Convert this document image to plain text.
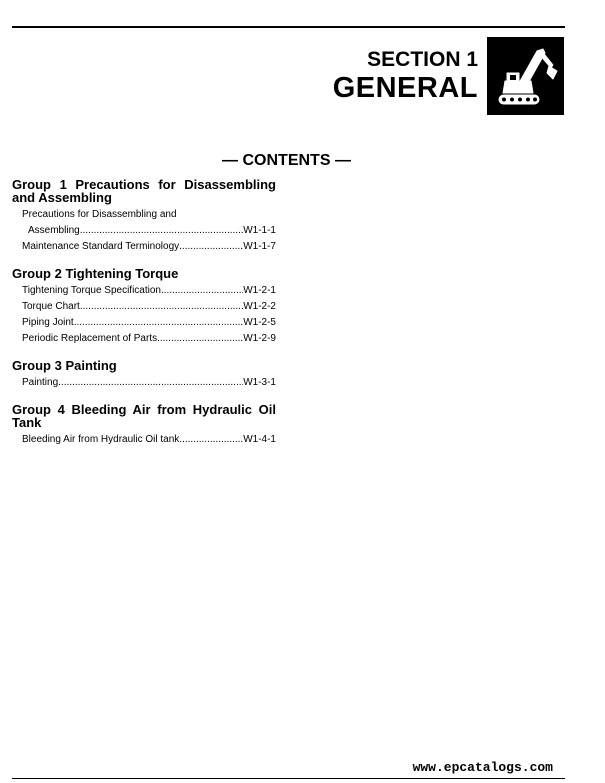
SECTION 1
GENERAL
— CONTENTS —
Group 1 Precautions for Disassembling and Assembling
Precautions for Disassembling and
Assembling .....	W1-1-1
Maintenance Standard Terminology .....	W1-1-7
Group 2 Tightening Torque
Tightening Torque Specification .....	W1-2-1
Torque Chart .....	W1-2-2
Piping Joint .....	W1-2-5
Periodic Replacement of Parts .....	W1-2-9
Group 3 Painting
Painting .....	W1-3-1
Group 4 Bleeding Air from Hydraulic Oil Tank
Bleeding Air from Hydraulic Oil tank .....	W1-4-1
www.epcatalogs.com
